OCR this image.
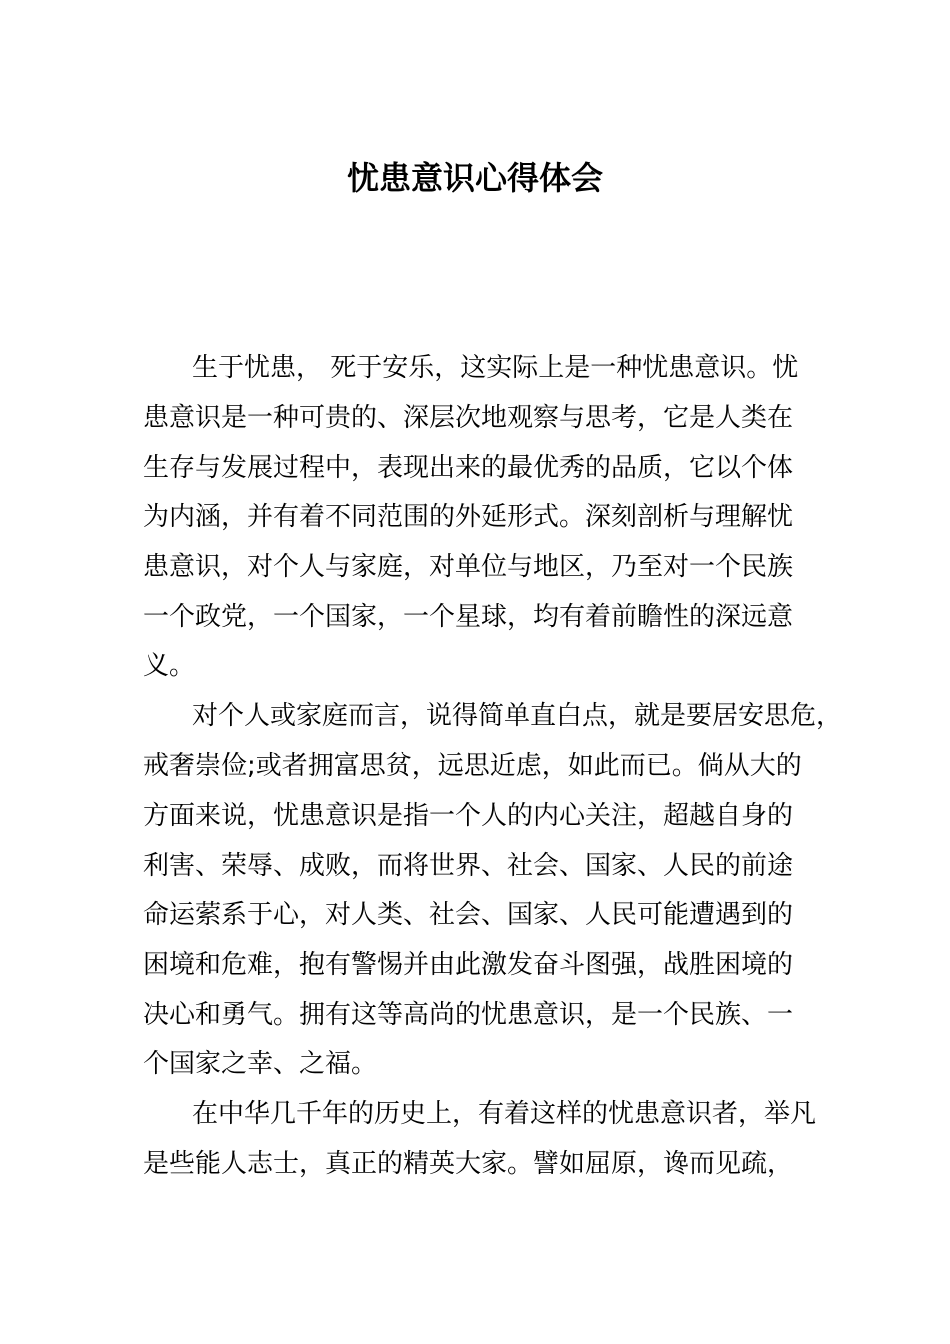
忧患意识心得体会
生于忧患， 死于安乐，这实际上是一种忧患意识。忧
患意识是一种可贵的、深层次地观察与思考，它是人类在
生存与发展过程中，表现出来的最优秀的品质，它以个体
为内涵，并有着不同范围的外延形式。深刻剖析与理解忧
患意识，对个人与家庭，对单位与地区，乃至对一个民族
一个政党，一个国家，一个星球，均有着前瞻性的深远意
义。
对个人或家庭而言，说得简单直白点，就是要居安思危，
戒奢崇俭;或者拥富思贫，远思近虑，如此而已。倘从大的
方面来说，忧患意识是指一个人的内心关注，超越自身的
利害、荣辱、成败，而将世界、社会、国家、人民的前途
命运萦系于心，对人类、社会、国家、人民可能遭遇到的
困境和危难，抱有警惕并由此激发奋斗图强，战胜困境的
决心和勇气。拥有这等高尚的忧患意识，是一个民族、一
个国家之幸、之福。
在中华几千年的历史上，有着这样的忧患意识者，举凡
是些能人志士，真正的精英大家。譬如屈原，谗而见疏，
